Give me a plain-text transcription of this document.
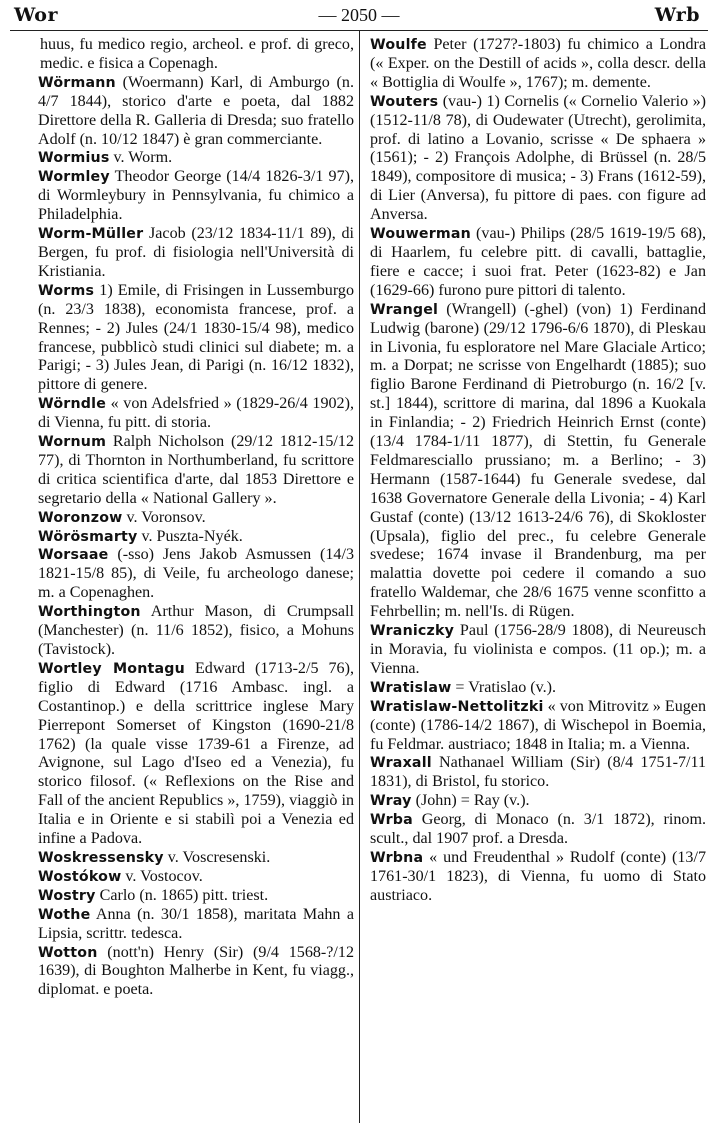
Wor	— 2050 —	Wrb

huus, fu medico regio, archeol. e prof. di greco, medic. e fisica a Copenagh.

Wörmann (Woermann) Karl, di Amburgo (n. 4/7 1844), storico d'arte e poeta, dal 1882 Direttore della R. Galleria di Dresda; suo fratello Adolf (n. 10/12 1847) è gran commerciante.

Wormius v. Worm.

Wormley Theodor George (14/4 1826-3/1 97), di Wormleybury in Pennsylvania, fu chimico a Philadelphia.

Worm-Müller Jacob (23/12 1834-11/1 89), di Bergen, fu prof. di fisiologia nell'Università di Kristiania.

Worms 1) Emile, di Frisingen in Lussemburgo (n. 23/3 1838), economista francese, prof. a Rennes; - 2) Jules (24/1 1830-15/4 98), medico francese, pubblicò studi clinici sul diabete; m. a Parigi; - 3) Jules Jean, di Parigi (n. 16/12 1832), pittore di genere.

Wörndle « von Adelsfried » (1829-26/4 1902), di Vienna, fu pitt. di storia.

Wornum Ralph Nicholson (29/12 1812-15/12 77), di Thornton in Northumberland, fu scrittore di critica scientifica d'arte, dal 1853 Direttore e segretario della « National Gallery ».

Woronzow v. Voronsov.

Wörösmarty v. Puszta-Nyék.

Worsaae (-sso) Jens Jakob Asmussen (14/3 1821-15/8 85), di Veile, fu archeologo danese; m. a Copenaghen.

Worthington Arthur Mason, di Crumpsall (Manchester) (n. 11/6 1852), fisico, a Mohuns (Tavistock).

Wortley Montagu Edward (1713-2/5 76), figlio di Edward (1716 Ambasc. ingl. a Costantinop.) e della scrittrice inglese Mary Pierrepont Somerset of Kingston (1690-21/8 1762) (la quale visse 1739-61 a Firenze, ad Avignone, sul Lago d'Iseo ed a Venezia), fu storico filosof. (« Reflexions on the Rise and Fall of the ancient Republics », 1759), viaggiò in Italia e in Oriente e si stabilì poi a Venezia ed infine a Padova.

Woskressensky v. Voscresenski.

Wostókow v. Vostocov.

Wostry Carlo (n. 1865) pitt. triest.

Wothe Anna (n. 30/1 1858), maritata Mahn a Lipsia, scrittr. tedesca.

Wotton (nott'n) Henry (Sir) (9/4 1568-?/12 1639), di Boughton Malherbe in Kent, fu viagg., diplomat. e poeta.

Woulfe Peter (1727?-1803) fu chimico a Londra (« Exper. on the Destill of acids », colla descr. della « Bottiglia di Woulfe », 1767); m. demente.

Wouters (vau-) 1) Cornelis (« Cornelio Valerio ») (1512-11/8 78), di Oudewater (Utrecht), gerolimita, prof. di latino a Lovanio, scrisse « De sphaera » (1561); - 2) François Adolphe, di Brüssel (n. 28/5 1849), compositore di musica; - 3) Frans (1612-59), di Lier (Anversa), fu pittore di paes. con figure ad Anversa.

Wouwerman (vau-) Philips (28/5 1619-19/5 68), di Haarlem, fu celebre pitt. di cavalli, battaglie, fiere e cacce; i suoi frat. Peter (1623-82) e Jan (1629-66) furono pure pittori di talento.

Wrangel (Wrangell) (-ghel) (von) 1) Ferdinand Ludwig (barone) (29/12 1796-6/6 1870), di Pleskau in Livonia, fu esploratore nel Mare Glaciale Artico; m. a Dorpat; ne scrisse von Engelhardt (1885); suo figlio Barone Ferdinand di Pietroburgo (n. 16/2 [v. st.] 1844), scrittore di marina, dal 1896 a Kuokala in Finlandia; - 2) Friedrich Heinrich Ernst (conte) (13/4 1784-1/11 1877), di Stettin, fu Generale Feldmaresciallo prussiano; m. a Berlino; - 3) Hermann (1587-1644) fu Generale svedese, dal 1638 Governatore Generale della Livonia; - 4) Karl Gustaf (conte) (13/12 1613-24/6 76), di Skokloster (Upsala), figlio del prec., fu celebre Generale svedese; 1674 invase il Brandenburg, ma per malattia dovette poi cedere il comando a suo fratello Waldemar, che 28/6 1675 venne sconfitto a Fehrbellin; m. nell'Is. di Rügen.

Wraniczky Paul (1756-28/9 1808), di Neureusch in Moravia, fu violinista e compos. (11 op.); m. a Vienna.

Wratislaw = Vratislao (v.).

Wratislaw-Nettolitzki « von Mitrovitz » Eugen (conte) (1786-14/2 1867), di Wischepol in Boemia, fu Feldmar. austriaco; 1848 in Italia; m. a Vienna.

Wraxall Nathanael William (Sir) (8/4 1751-7/11 1831), di Bristol, fu storico.

Wray (John) = Ray (v.).

Wrba Georg, di Monaco (n. 3/1 1872), rinom. scult., dal 1907 prof. a Dresda.

Wrbna « und Freudenthal » Rudolf (conte) (13/7 1761-30/1 1823), di Vienna, fu uomo di Stato austriaco.
